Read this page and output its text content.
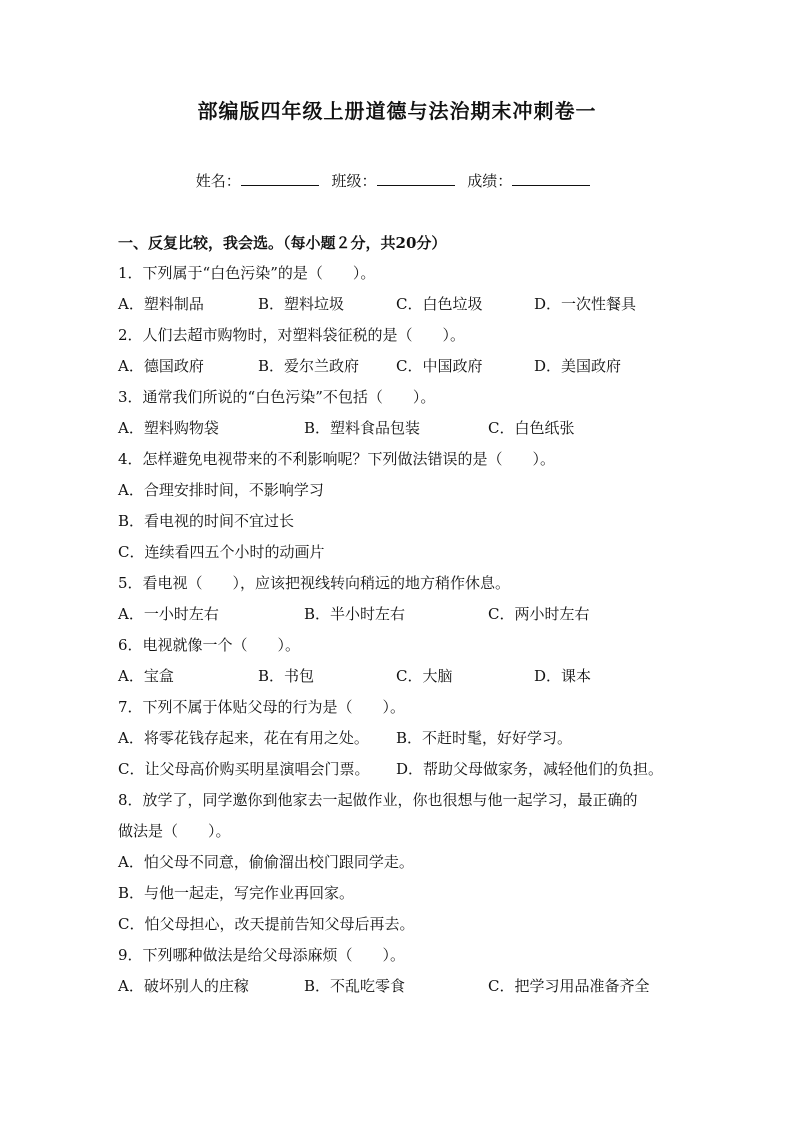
部编版四年级上册道德与法治期末冲刺卷一
姓名：	班级：	成绩：
一、反复比较，我会选。（每小题２分，共20分）
1．下列属于“白色污染”的是（　　）。
A．塑料制品	B．塑料垃圾	C．白色垃圾	D．一次性餐具
2．人们去超市购物时，对塑料袋征税的是（　　）。
A．德国政府	B．爱尔兰政府 C．中国政府	D．美国政府
3．通常我们所说的“白色污染”不包括（　　）。
A．塑料购物袋	B．塑料食品包装	C．白色纸张
4．怎样避免电视带来的不利影响呢？下列做法错误的是（　　）。
A．合理安排时间，不影响学习
B．看电视的时间不宜过长
C．连续看四五个小时的动画片
5．看电视（　　），应该把视线转向稍远的地方稍作休息。
A．一小时左右	B．半小时左右	C．两小时左右
6．电视就像一个（　　）。
A．宝盒	B．书包	C．大脑	D．课本
7．下列不属于体贴父母的行为是（　　）。
A．将零花钱存起来，花在有用之处。 B．不赶时髦，好好学习。
C．让父母高价购买明星演唱会门票。 D．帮助父母做家务，减轻他们的负担。
8．放学了，同学邀你到他家去一起做作业，你也很想与他一起学习，最正确的
做法是（　　）。
A．怕父母不同意，偷偷溜出校门跟同学走。
B．与他一起走，写完作业再回家。
C．怕父母担心，改天提前告知父母后再去。
9．下列哪种做法是给父母添麻烦（　　）。
A．破坏别人的庄稼	B．不乱吃零食	C．把学习用品准备齐全
